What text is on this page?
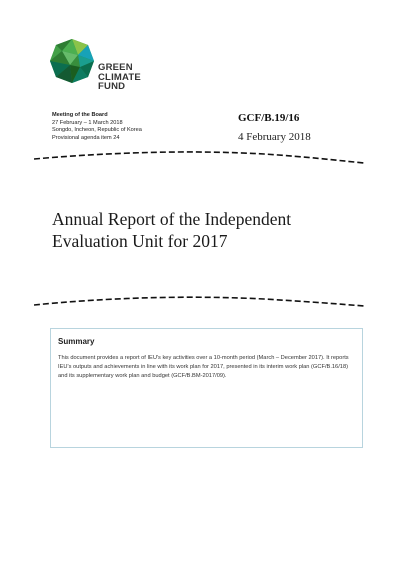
GREEN
CLIMATE
FUND
Meeting of the Board
27 February – 1 March 2018
Songdo, Incheon, Republic of Korea
Provisional agenda item 24
GCF/B.19/16
4 February 2018
Annual Report of the Independent
Evaluation Unit for 2017
Summary
This document provides a report of IEU's key activities over a 10-month period (March – December 2017). It reports IEU's outputs and achievements in line with its work plan for 2017, presented in its interim work plan (GCF/B.16/18) and its supplementary work plan and budget (GCF/B.BM-2017/09).
